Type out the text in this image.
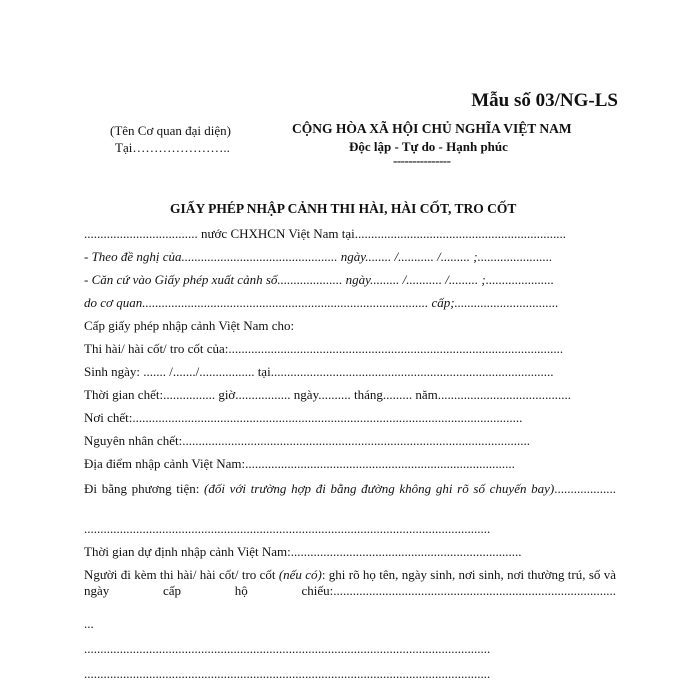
Mẫu số 03/NG-LS
(Tên Cơ quan đại diện)
Tại…………………..
CỘNG HÒA XÃ HỘI CHỦ NGHĨA VIỆT NAM
Độc lập - Tự do - Hạnh phúc
---------------
GIẤY PHÉP NHẬP CẢNH THI HÀI, HÀI CỐT, TRO CỐT
................................... nước CHXHCN Việt Nam tại.................................................................
- Theo đề nghị của................................................ ngày........ /........... /......... ;.......................
- Căn cứ vào Giấy phép xuất cảnh số.................... ngày......... /........... /......... ;.....................
do cơ quan........................................................................................ cấp;................................
Cấp giấy phép nhập cảnh Việt Nam cho:
Thi hài/ hài cốt/ tro cốt của:.......................................................................................................
Sinh ngày: ....... /......./................. tại.......................................................................................
Thời gian chết:................ giờ................. ngày.......... tháng......... năm.........................................
Nơi chết:........................................................................................................................
Nguyên nhân chết:...........................................................................................................
Địa điểm nhập cảnh Việt Nam:...................................................................................
Đi bằng phương tiện: (đối với trường hợp đi bằng đường không ghi rõ số chuyến bay)...................
.............................................................................................................................
Thời gian dự định nhập cảnh Việt Nam:.......................................................................
Người đi kèm thi hài/ hài cốt/ tro cốt (nếu có): ghi rõ họ tên, ngày sinh, nơi sinh, nơi thường trú, số và ngày cấp hộ chiếu:.......................................................................................
...
.............................................................................................................................
.............................................................................................................................
